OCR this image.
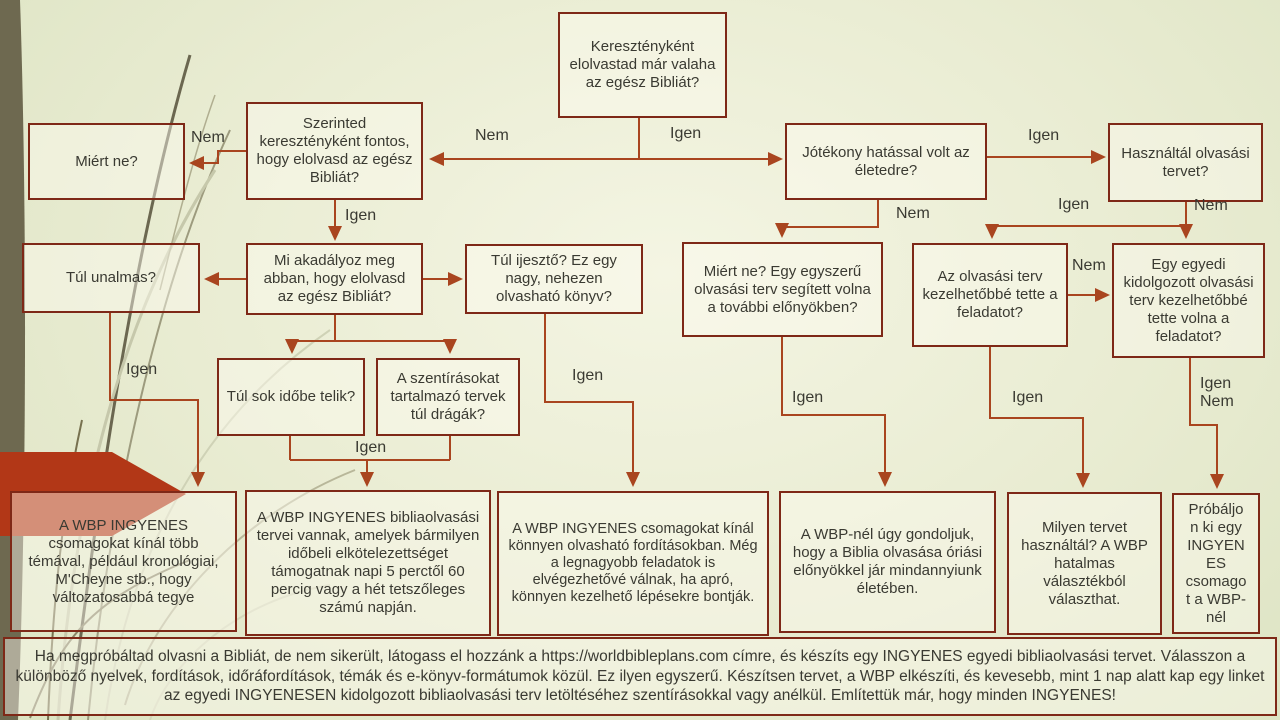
Keresztényként elolvastad már valaha az egész Bibliát?
Miért ne?
Szerinted keresztényként fontos, hogy elolvasd az egész Bibliát?
Jótékony hatással volt az életedre?
Használtál olvasási tervet?
Túl unalmas?
Mi akadályoz meg abban, hogy elolvasd az egész Bibliát?
Túl ijesztő? Ez egy nagy, nehezen olvasható könyv?
Miért ne? Egy egyszerű olvasási terv segített volna a további előnyökben?
Az olvasási terv kezelhetőbbé tette a feladatot?
Egy egyedi kidolgozott olvasási terv kezelhetőbbé tette volna a feladatot?
Túl sok időbe telik?
A szentírásokat tartalmazó tervek túl drágák?
A WBP INGYENES csomagokat kínál több témával, például kronológiai, M'Cheyne stb., hogy változatosabbá tegye
A WBP INGYENES bibliaolvasási tervei vannak, amelyek bármilyen időbeli elkötelezettséget támogatnak napi 5 perctől 60 percig vagy a hét tetszőleges számú napján.
A WBP INGYENES csomagokat kínál könnyen olvasható fordításokban. Még a legnagyobb feladatok is elvégezhetővé válnak, ha apró, könnyen kezelhető lépésekre bontják.
A WBP-nél úgy gondoljuk, hogy a Biblia olvasása óriási előnyökkel jár mindannyiunk életében.
Milyen tervet használtál? A WBP hatalmas választékból választhat.
Próbáljon ki egy INGYENES csomagot a WBP-nél
Nem	Igen
Nem	Igen
Igen	Nem
Igen	Nem
Nem
Igen	Igen
Igen
Igen	Igen
Igen
Nem
Ha megpróbáltad olvasni a Bibliát, de nem sikerült, látogass el hozzánk a https://worldbibleplans.com címre, és készíts egy INGYENES egyedi bibliaolvasási tervet. Válasszon a különböző nyelvek, fordítások, időráfordítások, témák és e-könyv-formátumok közül. Ez ilyen egyszerű. Készítsen tervet, a WBP elkészíti, és kevesebb, mint 1 nap alatt kap egy linket az egyedi INGYENESEN kidolgozott bibliaolvasási terv letöltéséhez szentírásokkal vagy anélkül. Említettük már, hogy minden INGYENES!
